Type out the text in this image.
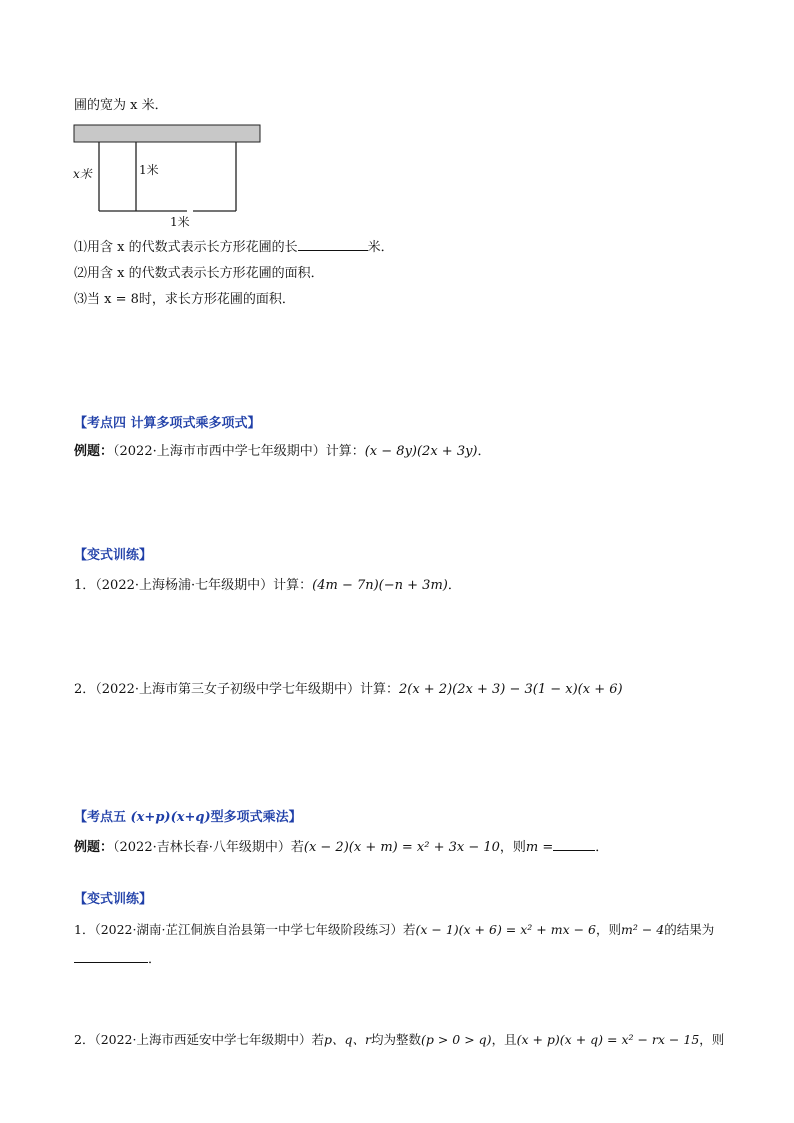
圃的宽为 x 米．
x米	1米
1米
⑴用含 x 的代数式表示长方形花圃的长	米．
⑵用含 x 的代数式表示长方形花圃的面积．
⑶当 x = 8时，求长方形花圃的面积．
【考点四 计算多项式乘多项式】
例题：（2022·上海市市西中学七年级期中）计算：(x − 8y)(2x + 3y)．
【变式训练】
1．（2022·上海杨浦·七年级期中）计算：(4m − 7n)(−n + 3m)．
2．（2022·上海市第三女子初级中学七年级期中）计算：2(x + 2)(2x + 3) − 3(1 − x)(x + 6)
【考点五 (x+p)(x+q)型多项式乘法】
例题：（2022·吉林长春·八年级期中）若(x − 2)(x + m) = x² + 3x − 10，则m =	．
【变式训练】
1．（2022·湖南·芷江侗族自治县第一中学七年级阶段练习）若(x − 1)(x + 6) = x² + mx − 6，则m² − 4的结果为
．
2．（2022·上海市西延安中学七年级期中）若p、q、r均为整数(p > 0 > q)，且(x + p)(x + q) = x² − rx − 15，则
